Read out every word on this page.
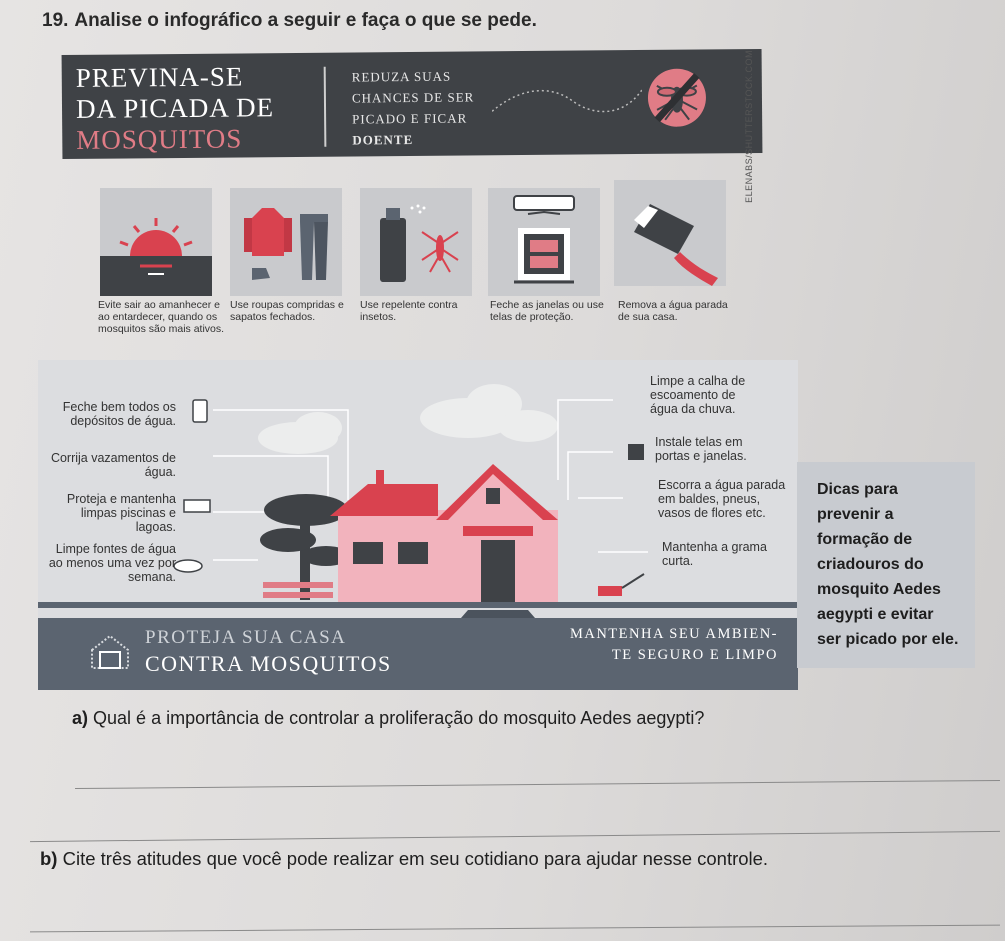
19. Analise o infográfico a seguir e faça o que se pede.
PREVINA-SE
DA PICADA DE
MOSQUITOS
REDUZA SUAS
CHANCES DE SER
PICADO E FICAR
DOENTE	ELENABS/SHUTTERSTOCK.COM
Evite sair ao amanhecer e ao entardecer, quando os mosquitos são mais ativos.
Use roupas compridas e sapatos fechados.
Use repelente contra insetos.
Feche as janelas ou use telas de proteção.
Remova a água parada de sua casa.
Feche bem todos os depósitos de água.
Corrija vazamentos de água.
Proteja e mantenha limpas piscinas e lagoas.
Limpe fontes de água ao menos uma vez por semana.
Limpe a calha de escoamento de água da chuva.
Instale telas em portas e janelas.
Escorra a água parada em baldes, pneus, vasos de flores etc.
Mantenha a grama curta.
PROTEJA SUA CASA
CONTRA MOSQUITOS
MANTENHA SEU AMBIEN-
TE SEGURO E LIMPO
Dicas para
prevenir a
formação de
criadouros do
mosquito Aedes
aegypti e evitar
ser picado por ele.
a) Qual é a importância de controlar a proliferação do mosquito Aedes aegypti?
b) Cite três atitudes que você pode realizar em seu cotidiano para ajudar nesse controle.
